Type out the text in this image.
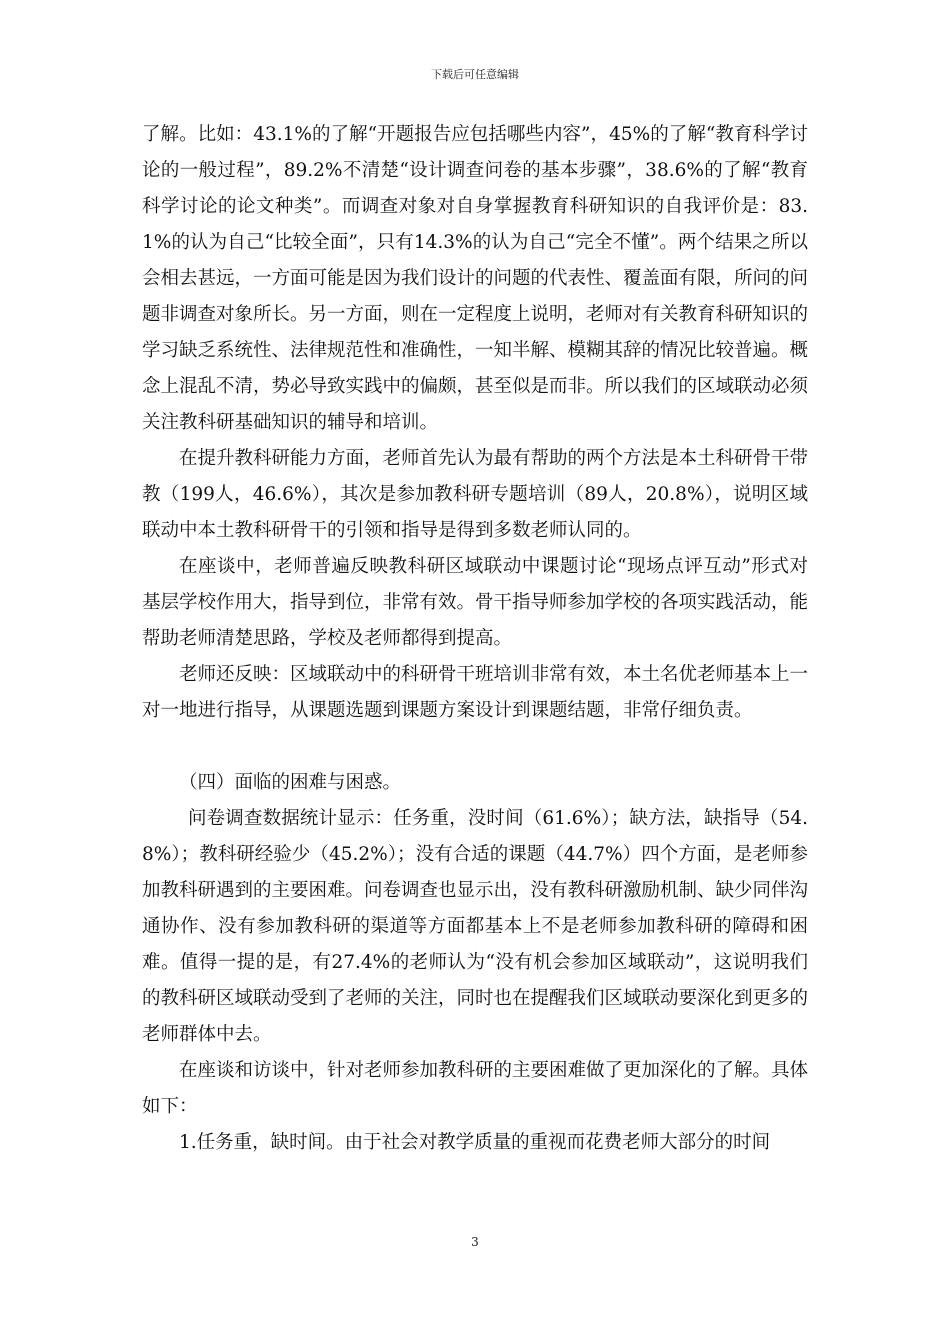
下载后可任意编辑

了解。比如：43.1%的了解“开题报告应包括哪些内容”，45%的了解“教育科学讨论的一般过程”，89.2%不清楚“设计调查问卷的基本步骤”，38.6%的了解“教育科学讨论的论文种类”。而调查对象对自身掌握教育科研知识的自我评价是：83.1%的认为自己“比较全面”，只有14.3%的认为自己“完全不懂”。两个结果之所以会相去甚远，一方面可能是因为我们设计的问题的代表性、覆盖面有限，所问的问题非调查对象所长。另一方面，则在一定程度上说明，老师对有关教育科研知识的学习缺乏系统性、法律规范性和准确性，一知半解、模糊其辞的情况比较普遍。概念上混乱不清，势必导致实践中的偏颇，甚至似是而非。所以我们的区域联动必须关注教科研基础知识的辅导和培训。

在提升教科研能力方面，老师首先认为最有帮助的两个方法是本土科研骨干带教（199人，46.6%），其次是参加教科研专题培训（89人，20.8%），说明区域联动中本土教科研骨干的引领和指导是得到多数老师认同的。

在座谈中，老师普遍反映教科研区域联动中课题讨论“现场点评互动”形式对基层学校作用大，指导到位，非常有效。骨干指导师参加学校的各项实践活动，能帮助老师清楚思路，学校及老师都得到提高。

老师还反映：区域联动中的科研骨干班培训非常有效，本土名优老师基本上一对一地进行指导，从课题选题到课题方案设计到课题结题，非常仔细负责。

（四）面临的困难与困惑。

问卷调查数据统计显示：任务重，没时间（61.6%）；缺方法，缺指导（54.8%）；教科研经验少（45.2%）；没有合适的课题（44.7%）四个方面，是老师参加教科研遇到的主要困难。问卷调查也显示出，没有教科研激励机制、缺少同伴沟通协作、没有参加教科研的渠道等方面都基本上不是老师参加教科研的障碍和困难。值得一提的是，有27.4%的老师认为“没有机会参加区域联动”，这说明我们的教科研区域联动受到了老师的关注，同时也在提醒我们区域联动要深化到更多的老师群体中去。

在座谈和访谈中，针对老师参加教科研的主要困难做了更加深化的了解。具体如下：

1.任务重，缺时间。由于社会对教学质量的重视而花费老师大部分的时间

3
